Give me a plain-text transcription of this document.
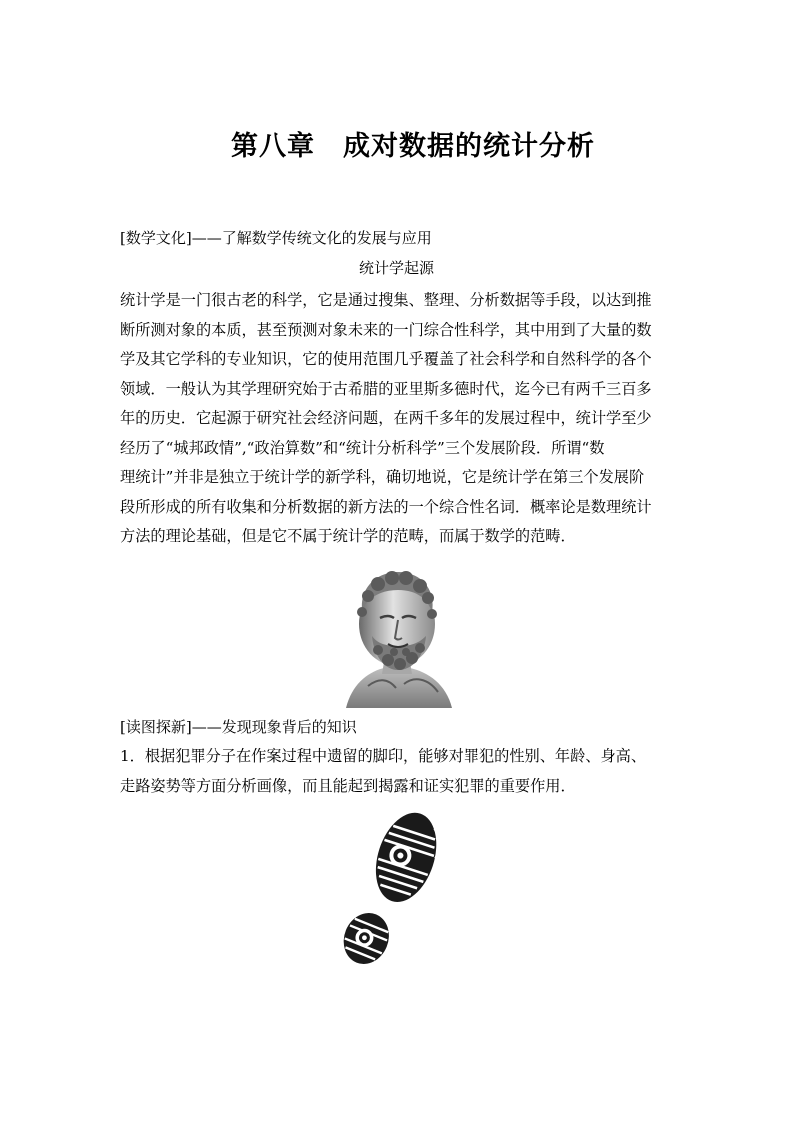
第八章　成对数据的统计分析
[数学文化]——了解数学传统文化的发展与应用
统计学起源

统计学是一门很古老的科学，它是通过搜集、整理、分析数据等手段，以达到推
断所测对象的本质，甚至预测对象未来的一门综合性科学，其中用到了大量的数
学及其它学科的专业知识，它的使用范围几乎覆盖了社会科学和自然科学的各个
领域．一般认为其学理研究始于古希腊的亚里斯多德时代，迄今已有两千三百多
年的历史．它起源于研究社会经济问题，在两千多年的发展过程中，统计学至少
经历了“城邦政情”,“政治算数”和“统计分析科学”三个发展阶段．所谓“数
理统计”并非是独立于统计学的新学科，确切地说，它是统计学在第三个发展阶
段所形成的所有收集和分析数据的新方法的一个综合性名词．概率论是数理统计
方法的理论基础，但是它不属于统计学的范畴，而属于数学的范畴．

[读图探新]——发现现象背后的知识

1．根据犯罪分子在作案过程中遗留的脚印，能够对罪犯的性别、年龄、身高、
走路姿势等方面分析画像，而且能起到揭露和证实犯罪的重要作用．
